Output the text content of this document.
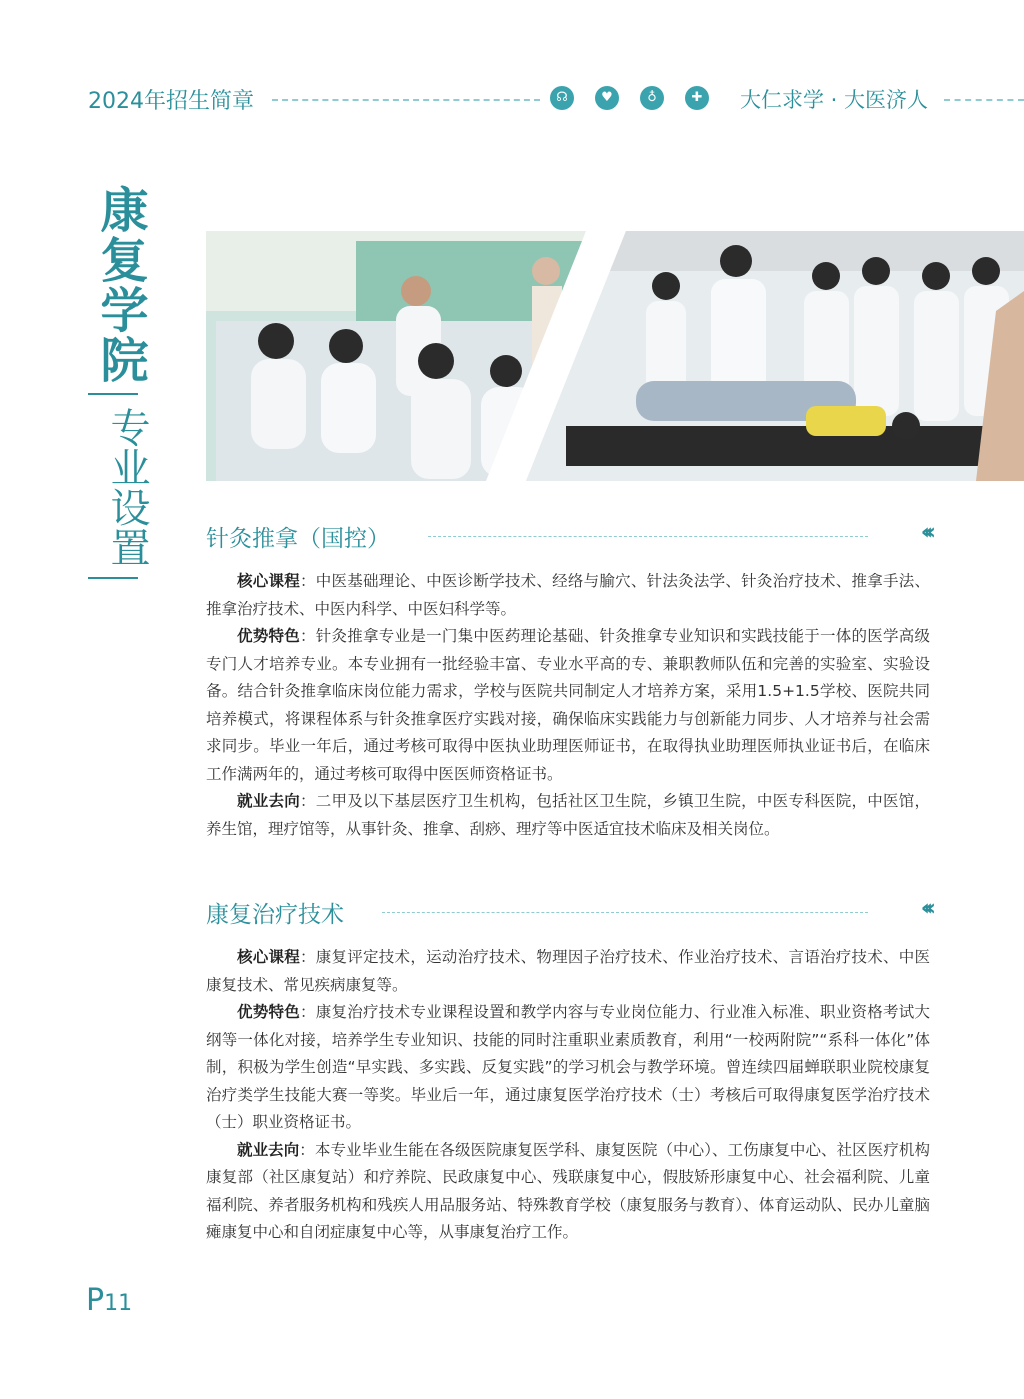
2024年招生简章	☊	♥	♁	✚	大仁求学 · 大医济人
康复学院
专业设置 针灸推拿（国控）	‹‹‹

核心课程：中医基础理论、中医诊断学技术、经络与腧穴、针法灸法学、针灸治疗技术、推拿手法、推拿治疗技术、中医内科学、中医妇科学等。

优势特色：针灸推拿专业是一门集中医药理论基础、针灸推拿专业知识和实践技能于一体的医学高级专门人才培养专业。本专业拥有一批经验丰富、专业水平高的专、兼职教师队伍和完善的实验室、实验设备。结合针灸推拿临床岗位能力需求，学校与医院共同制定人才培养方案，采用1.5+1.5学校、医院共同培养模式，将课程体系与针灸推拿医疗实践对接，确保临床实践能力与创新能力同步、人才培养与社会需求同步。毕业一年后，通过考核可取得中医执业助理医师证书，在取得执业助理医师执业证书后，在临床工作满两年的，通过考核可取得中医医师资格证书。

就业去向：二甲及以下基层医疗卫生机构，包括社区卫生院，乡镇卫生院，中医专科医院，中医馆，养生馆，理疗馆等，从事针灸、推拿、刮痧、理疗等中医适宜技术临床及相关岗位。

康复治疗技术	‹‹‹

核心课程：康复评定技术，运动治疗技术、物理因子治疗技术、作业治疗技术、言语治疗技术、中医康复技术、常见疾病康复等。

优势特色：康复治疗技术专业课程设置和教学内容与专业岗位能力、行业准入标准、职业资格考试大纲等一体化对接，培养学生专业知识、技能的同时注重职业素质教育，利用“一校两附院”“系科一体化”体制，积极为学生创造“早实践、多实践、反复实践”的学习机会与教学环境。曾连续四届蝉联职业院校康复治疗类学生技能大赛一等奖。毕业后一年，通过康复医学治疗技术（士）考核后可取得康复医学治疗技术（士）职业资格证书。

就业去向：本专业毕业生能在各级医院康复医学科、康复医院（中心）、工伤康复中心、社区医疗机构康复部（社区康复站）和疗养院、民政康复中心、残联康复中心，假肢矫形康复中心、社会福利院、儿童福利院、养者服务机构和残疾人用品服务站、特殊教育学校（康复服务与教育）、体育运动队、民办儿童脑瘫康复中心和自闭症康复中心等，从事康复治疗工作。

P11
